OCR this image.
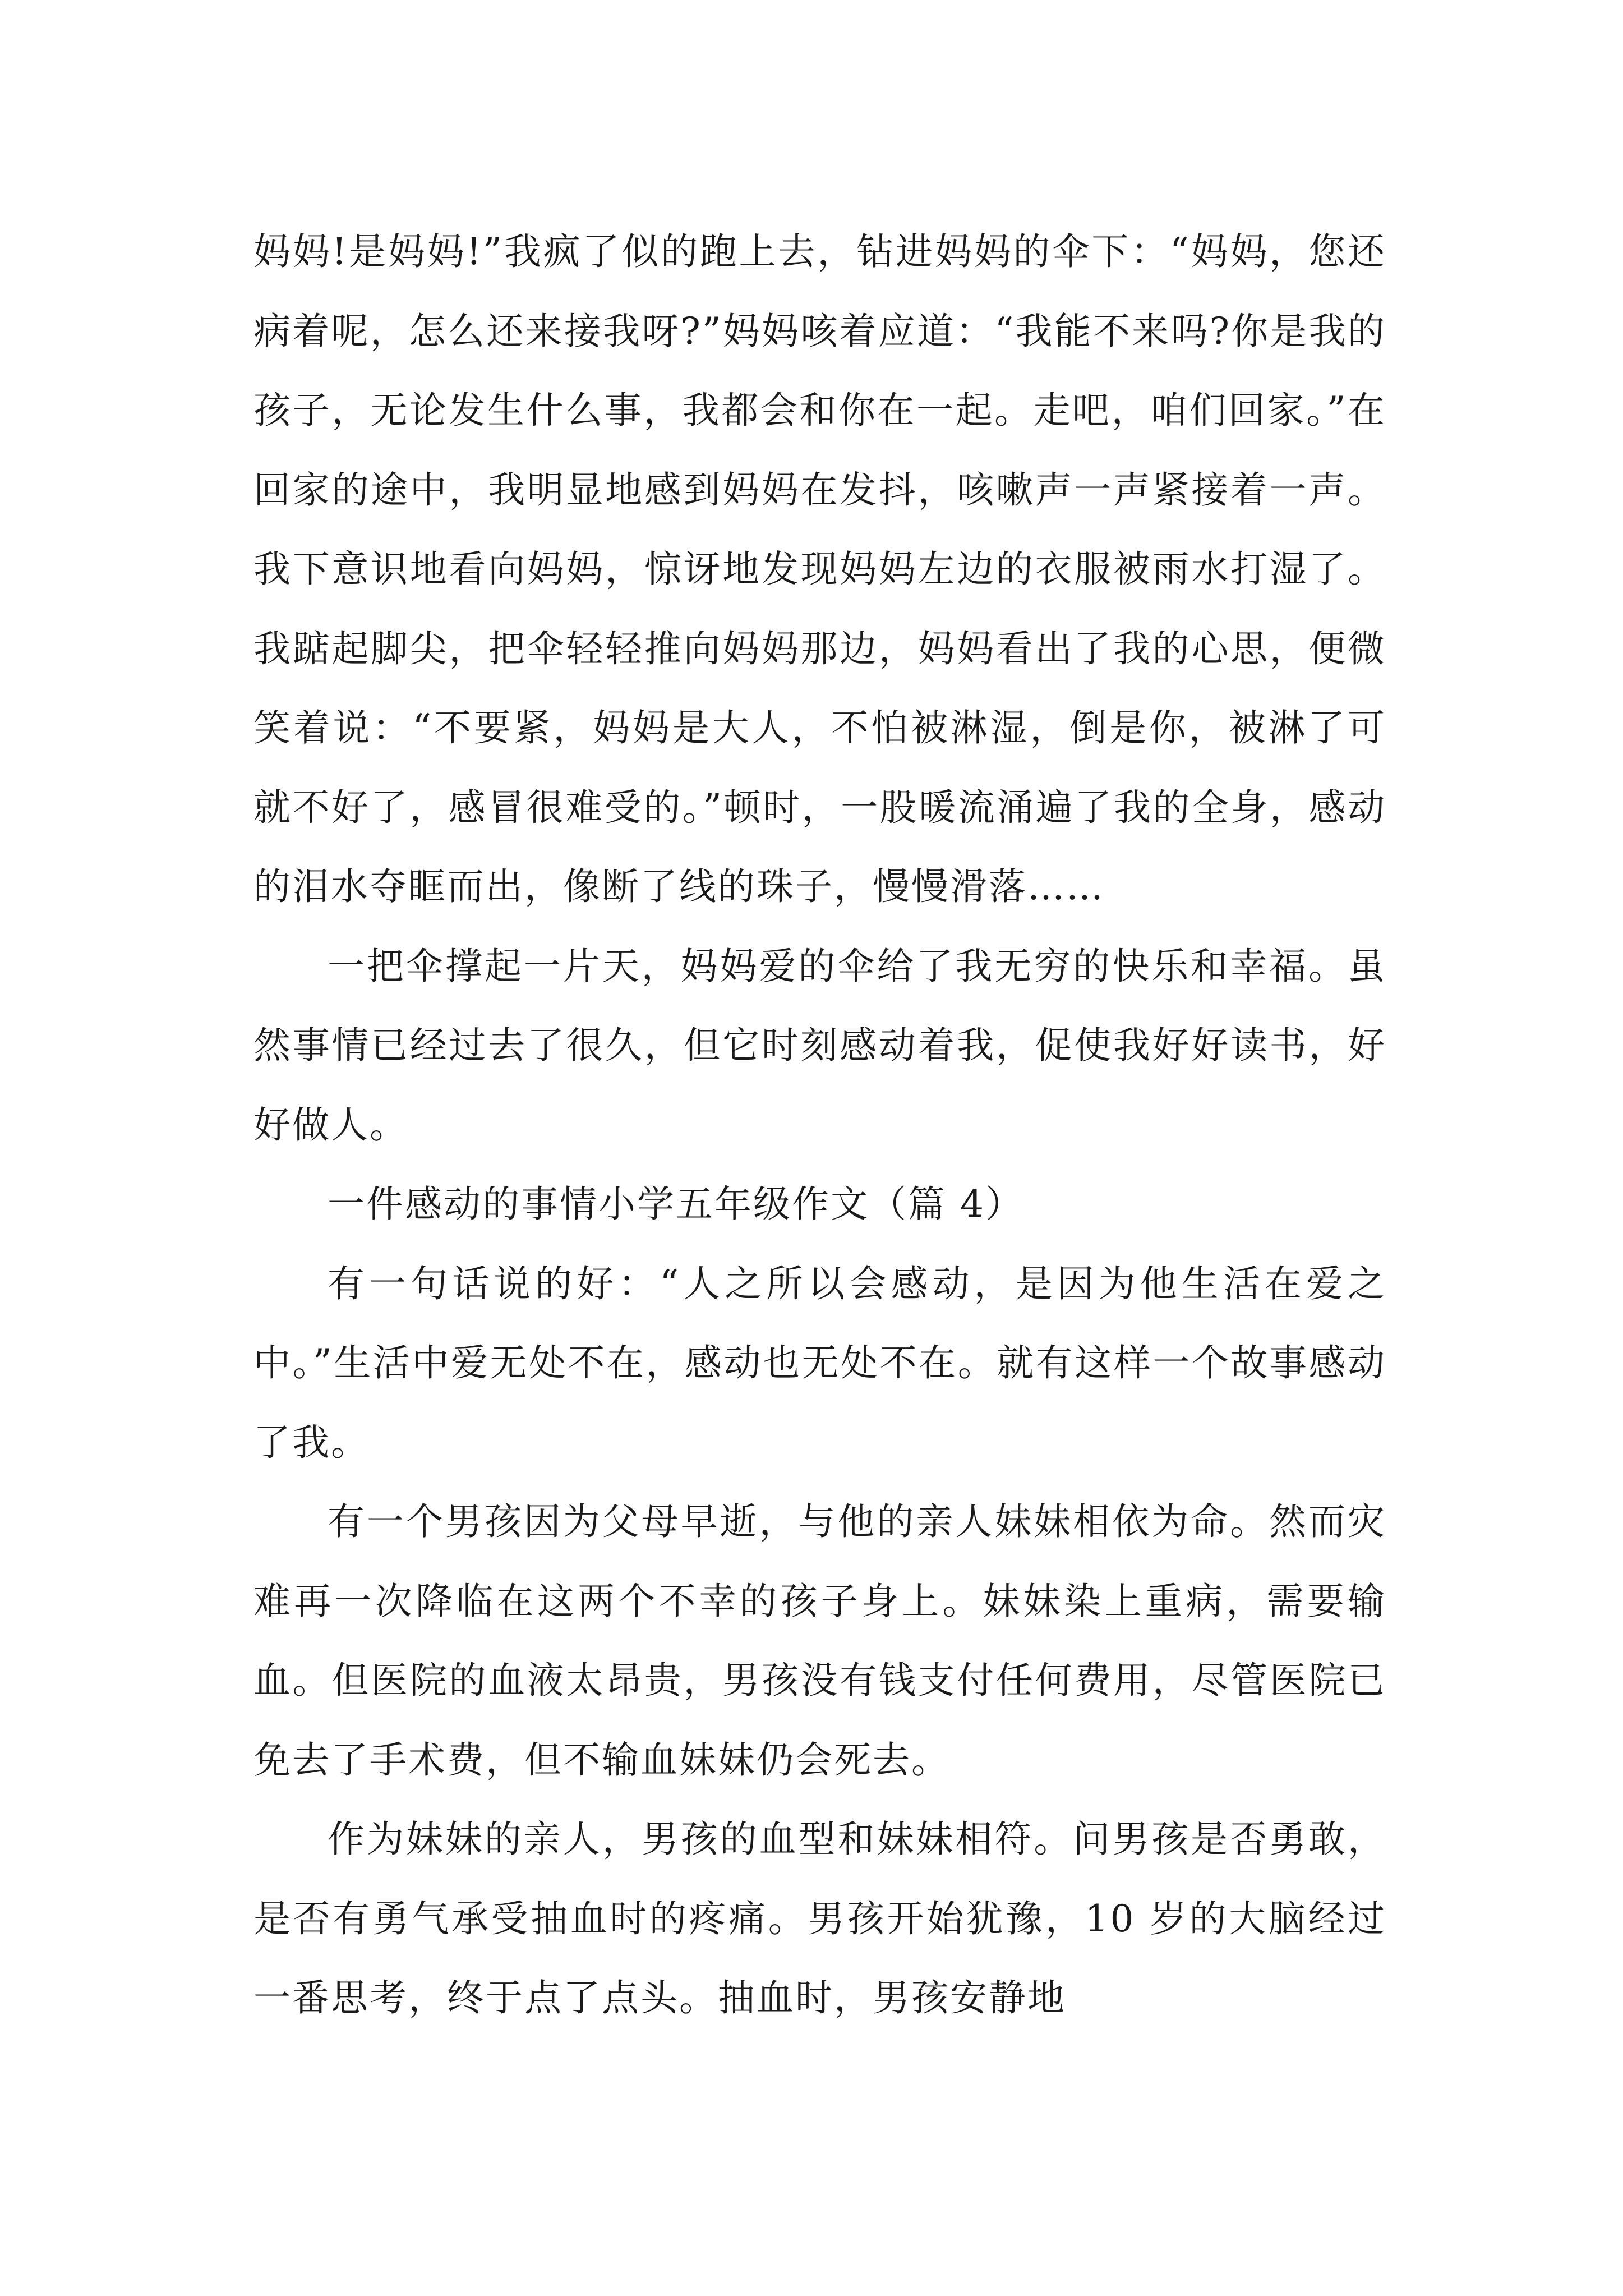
妈妈!是妈妈!”我疯了似的跑上去，钻进妈妈的伞下：“妈妈，您还病着呢，怎么还来接我呀?”妈妈咳着应道：“我能不来吗?你是我的孩子，无论发生什么事，我都会和你在一起。走吧，咱们回家。”在回家的途中，我明显地感到妈妈在发抖，咳嗽声一声紧接着一声。我下意识地看向妈妈，惊讶地发现妈妈左边的衣服被雨水打湿了。我踮起脚尖，把伞轻轻推向妈妈那边，妈妈看出了我的心思，便微笑着说：“不要紧，妈妈是大人，不怕被淋湿，倒是你，被淋了可就不好了，感冒很难受的。”顿时，一股暖流涌遍了我的全身，感动的泪水夺眶而出，像断了线的珠子，慢慢滑落……

一把伞撑起一片天，妈妈爱的伞给了我无穷的快乐和幸福。虽然事情已经过去了很久，但它时刻感动着我，促使我好好读书，好好做人。

一件感动的事情小学五年级作文（篇 4）

有一句话说的好：“人之所以会感动，是因为他生活在爱之中。”生活中爱无处不在，感动也无处不在。就有这样一个故事感动了我。

有一个男孩因为父母早逝，与他的亲人妹妹相依为命。然而灾难再一次降临在这两个不幸的孩子身上。妹妹染上重病，需要输血。但医院的血液太昂贵，男孩没有钱支付任何费用，尽管医院已免去了手术费，但不输血妹妹仍会死去。

作为妹妹的亲人，男孩的血型和妹妹相符。问男孩是否勇敢，是否有勇气承受抽血时的疼痛。男孩开始犹豫，10 岁的大脑经过一番思考，终于点了点头。抽血时，男孩安静地
